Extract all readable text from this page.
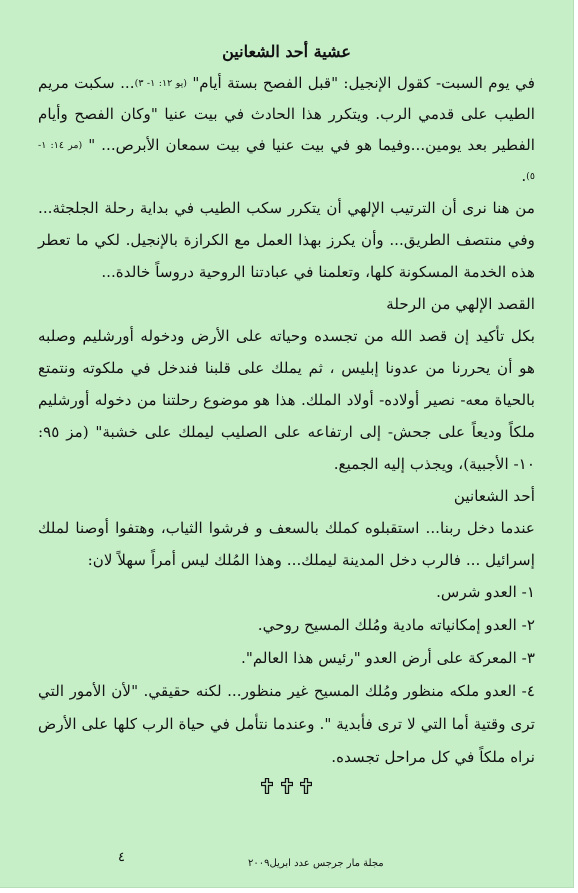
عشية أحد الشعانين

في يوم السبت- كقول الإنجيل: "قبل الفصح بستة أيام" (يو ١٢: ١- ٣)... سكبت مريم الطيب على قدمي الرب. ويتكرر هذا الحادث في بيت عنيا "وكان الفصح وأيام الفطير بعد يومين...وفيما هو في بيت عنيا في بيت سمعان الأبرص... " (مر ١٤: ١- ٥).

من هنا نرى أن الترتيب الإلهي أن يتكرر سكب الطيب في بداية رحلة الجلجثة... وفي منتصف الطريق... وأن يكرز بهذا العمل مع الكرازة بالإنجيل. لكي ما تعطر هذه الخدمة المسكونة كلها، وتعلمنا في عبادتنا الروحية دروساً خالدة...

القصد الإلهي من الرحلة

بكل تأكيد إن قصد الله من تجسده وحياته على الأرض ودخوله أورشليم وصلبه هو أن يحررنا من عدونا إبليس ، ثم يملك على قلبنا فندخل في ملكوته ونتمتع بالحياة معه- نصير أولاده- أولاد الملك. هذا هو موضوع رحلتنا من دخوله أورشليم ملكاً وديعاً على جحش- إلى ارتفاعه على الصليب ليملك على خشبة" (مز ٩٥: ١٠- الأجبية)، ويجذب إليه الجميع.

أحد الشعانين

عندما دخل ربنا... استقبلوه كملك بالسعف و فرشوا الثياب، وهتفوا أوصنا لملك إسرائيل ... فالرب دخل المدينة ليملك... وهذا المُلك ليس أمراً سهلاً لان:

١- العدو شرس.

٢- العدو إمكانياته مادية ومُلك المسيح روحي.

٣- المعركة على أرض العدو "رئيس هذا العالم".

٤- العدو ملكه منظور ومُلك المسيح غير منظور... لكنه حقيقي. "لأن الأمور التي ترى وقتية أما التي لا ترى فأبدية ". وعندما نتأمل في حياة الرب كلها على الأرض نراه ملكاً في كل مراحل تجسده.

٤	مجلة مار جرجس عدد ابريل٢٠٠٩
